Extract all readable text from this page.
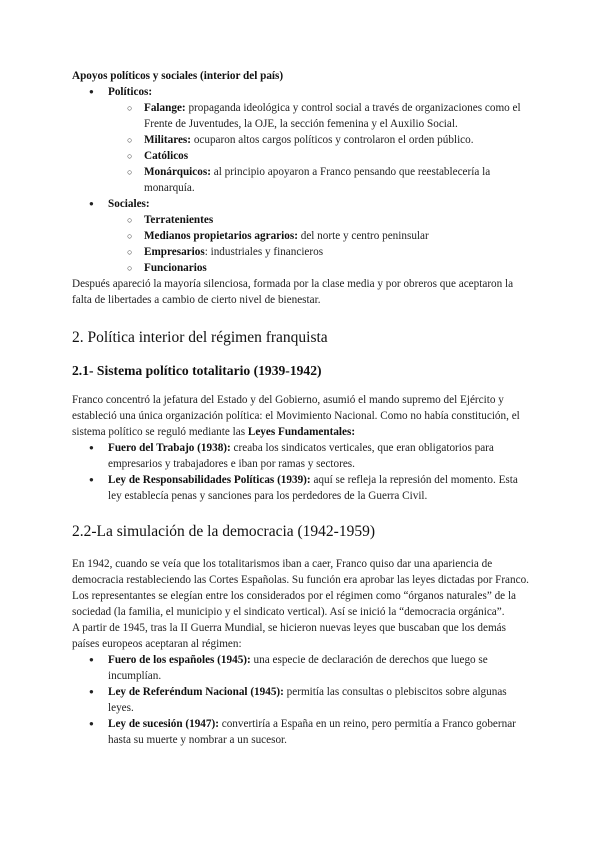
Apoyos políticos y sociales (interior del país)

● Políticos:
○ Falange: propaganda ideológica y control social a través de organizaciones como el Frente de Juventudes, la OJE, la sección femenina y el Auxilio Social.
○ Militares: ocuparon altos cargos políticos y controlaron el orden público.
○ Católicos
○ Monárquicos: al principio apoyaron a Franco pensando que reestablecería la monarquía.
● Sociales:
○ Terratenientes
○ Medianos propietarios agrarios: del norte y centro peninsular
○ Empresarios: industriales y financieros
○ Funcionarios

Después apareció la mayoría silenciosa, formada por la clase media y por obreros que aceptaron la falta de libertades a cambio de cierto nivel de bienestar.

2. Política interior del régimen franquista
2.1- Sistema político totalitario (1939-1942)

Franco concentró la jefatura del Estado y del Gobierno, asumió el mando supremo del Ejército y estableció una única organización política: el Movimiento Nacional. Como no había constitución, el sistema político se reguló mediante las Leyes Fundamentales:

● Fuero del Trabajo (1938): creaba los sindicatos verticales, que eran obligatorios para empresarios y trabajadores e iban por ramas y sectores.
● Ley de Responsabilidades Políticas (1939): aquí se refleja la represión del momento. Esta ley establecía penas y sanciones para los perdedores de la Guerra Civil.
2.2-La simulación de la democracia (1942-1959)

En 1942, cuando se veía que los totalitarismos iban a caer, Franco quiso dar una apariencia de democracia restableciendo las Cortes Españolas. Su función era aprobar las leyes dictadas por Franco. Los representantes se elegían entre los considerados por el régimen como “órganos naturales” de la sociedad (la familia, el municipio y el sindicato vertical). Así se inició la “democracia orgánica”.

A partir de 1945, tras la II Guerra Mundial, se hicieron nuevas leyes que buscaban que los demás países europeos aceptaran al régimen:

● Fuero de los españoles (1945): una especie de declaración de derechos que luego se incumplían.
● Ley de Referéndum Nacional (1945): permitía las consultas o plebiscitos sobre algunas leyes.
● Ley de sucesión (1947): convertiría a España en un reino, pero permitía a Franco gobernar hasta su muerte y nombrar a un sucesor.
